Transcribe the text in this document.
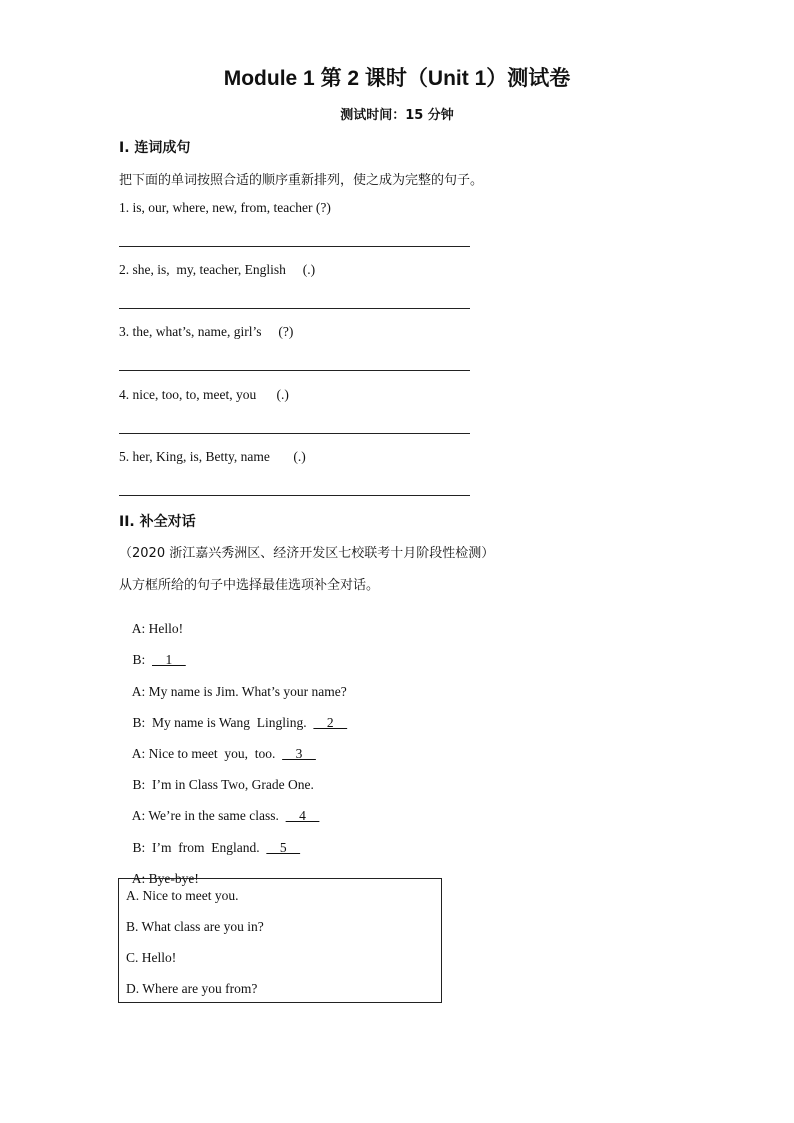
Module 1 第 2 课时（Unit 1）测试卷
测试时间：15 分钟
I. 连词成句
把下面的单词按照合适的顺序重新排列，使之成为完整的句子。
1. is, our, where, new, from, teacher (?)
2. she, is,  my, teacher, English     (.)
3. the, what’s, name, girl’s     (?)
4. nice, too, to, meet, you      (.)
5. her, King, is, Betty, name       (.)
II. 补全对话
（2020 浙江嘉兴秀洲区、经济开发区七校联考十月阶段性检测）
从方框所给的句子中选择最佳选项补全对话。

A: Hello!

B:      1

A: My name is Jim. What’s your name?

B:  My name is Wang  Lingling.      2

A: Nice to meet  you,  too.      3

B:  I’m in Class Two, Grade One.

A: We’re in the same class.      4

B:  I’m  from  England.      5

A: Bye-bye!

A. Nice to meet you.
B. What class are you in?
C. Hello!
D. Where are you from?
